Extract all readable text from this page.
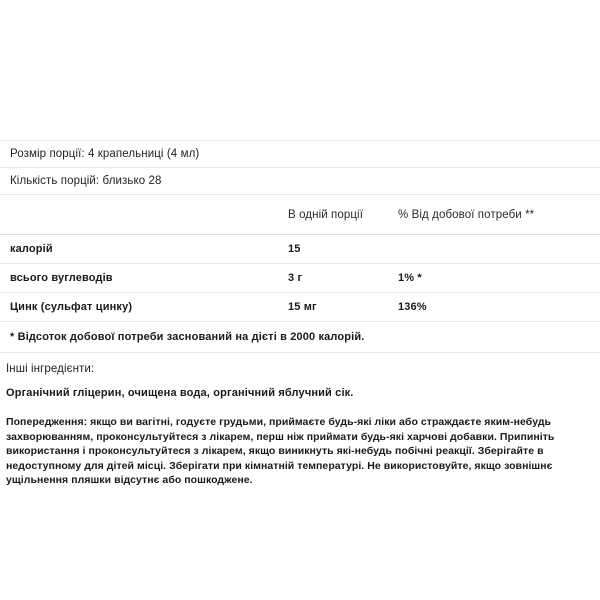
Розмір порції: 4 крапельниці (4 мл)
Кількість порцій: близько 28
	В одній порції	% Від добової потреби **

калорій	15	

всього вуглеводів	3 г	1% *

Цинк (сульфат цинку)	15 мг	136%

* Відсоток добової потреби заснований на дієті в 2000 калорій.
Інші інгредієнти:
Органічний гліцерин, очищена вода, органічний яблучний сік.
Попередження: якщо ви вагітні, годуєте грудьми, приймаєте будь-які ліки або страждаєте яким-небудь захворюванням, проконсультуйтеся з лікарем, перш ніж приймати будь-які харчові добавки. Припиніть використання і проконсультуйтеся з лікарем, якщо виникнуть які-небудь побічні реакції. Зберігайте в недоступному для дітей місці. Зберігати при кімнатній температурі. Не використовуйте, якщо зовнішнє ущільнення пляшки відсутнє або пошкоджене.
